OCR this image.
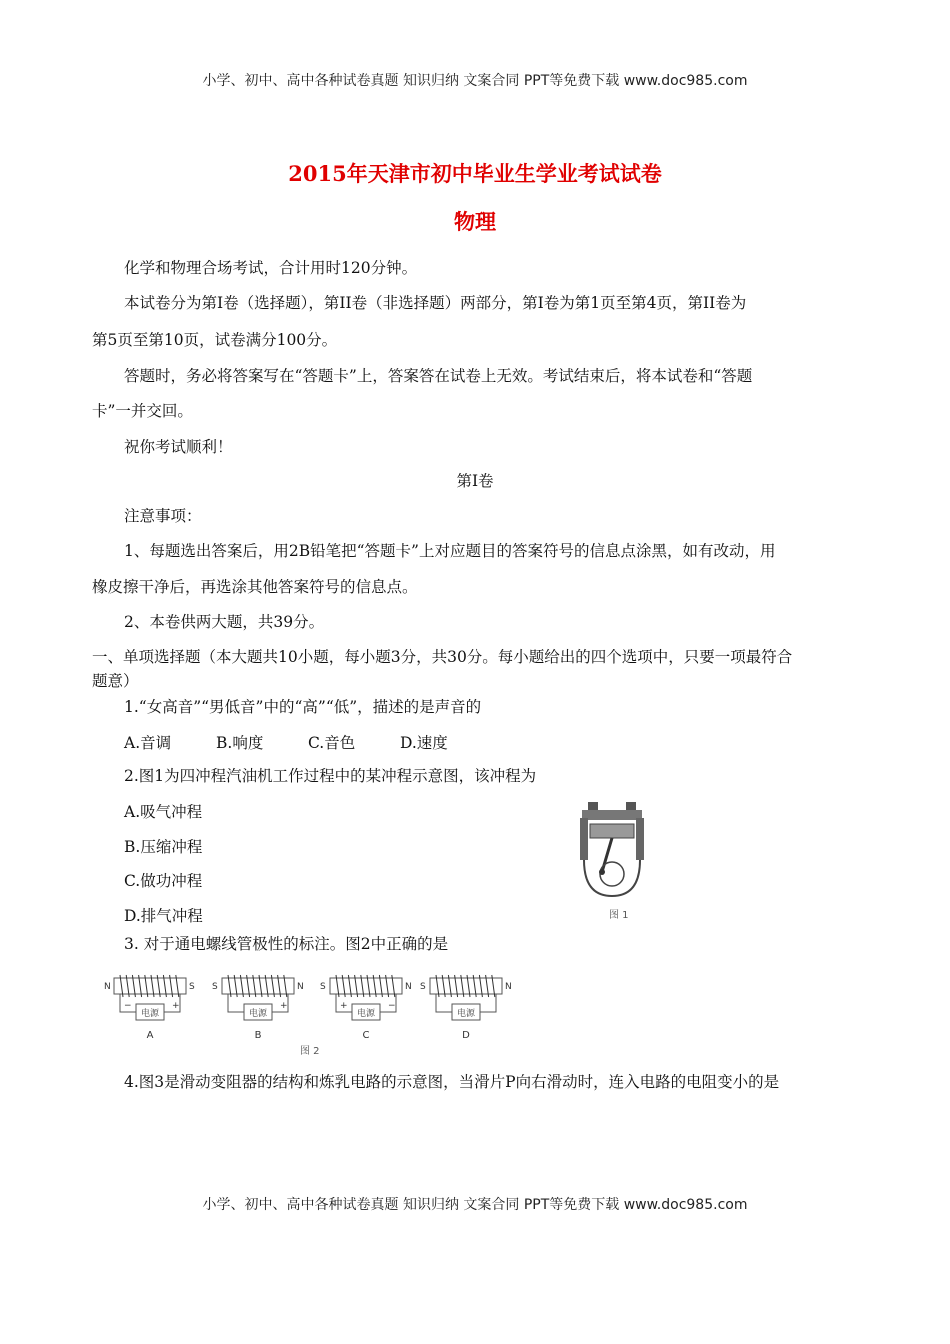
小学、初中、高中各种试卷真题 知识归纳 文案合同 PPT等免费下载 www.doc985.com
2015年天津市初中毕业生学业考试试卷
物理
化学和物理合场考试，合计用时120分钟。
本试卷分为第I卷（选择题），第II卷（非选择题）两部分，第I卷为第1页至第4页，第II卷为
第5页至第10页，试卷满分100分。
答题时，务必将答案写在“答题卡”上，答案答在试卷上无效。考试结束后，将本试卷和“答题
卡”一并交回。
祝你考试顺利！
第I卷
注意事项：
1、每题选出答案后，用2B铅笔把“答题卡”上对应题目的答案符号的信息点涂黑，如有改动，用
橡皮擦干净后，再选涂其他答案符号的信息点。
2、本卷供两大题，共39分。
一、单项选择题（本大题共10小题，每小题3分，共30分。每小题给出的四个选项中，只要一项最符合
题意）
1.“女高音”“男低音”中的“高”“低”，描述的是声音的
A.音调	B.响度	C.音色	D.速度
2.图1为四冲程汽油机工作过程中的某冲程示意图，该冲程为
A.吸气冲程
B.压缩冲程
C.做功冲程
D.排气冲程	图 1
3. 对于通电螺线管极性的标注。图2中正确的是
电源
N	S
−	+
A
电源
S	N
+
B
电源
S	N
+	−
C
电源
S	N
D
图 2
4.图3是滑动变阻器的结构和炼乳电路的示意图，当滑片P向右滑动时，连入电路的电阻变小的是
小学、初中、高中各种试卷真题 知识归纳 文案合同 PPT等免费下载 www.doc985.com
